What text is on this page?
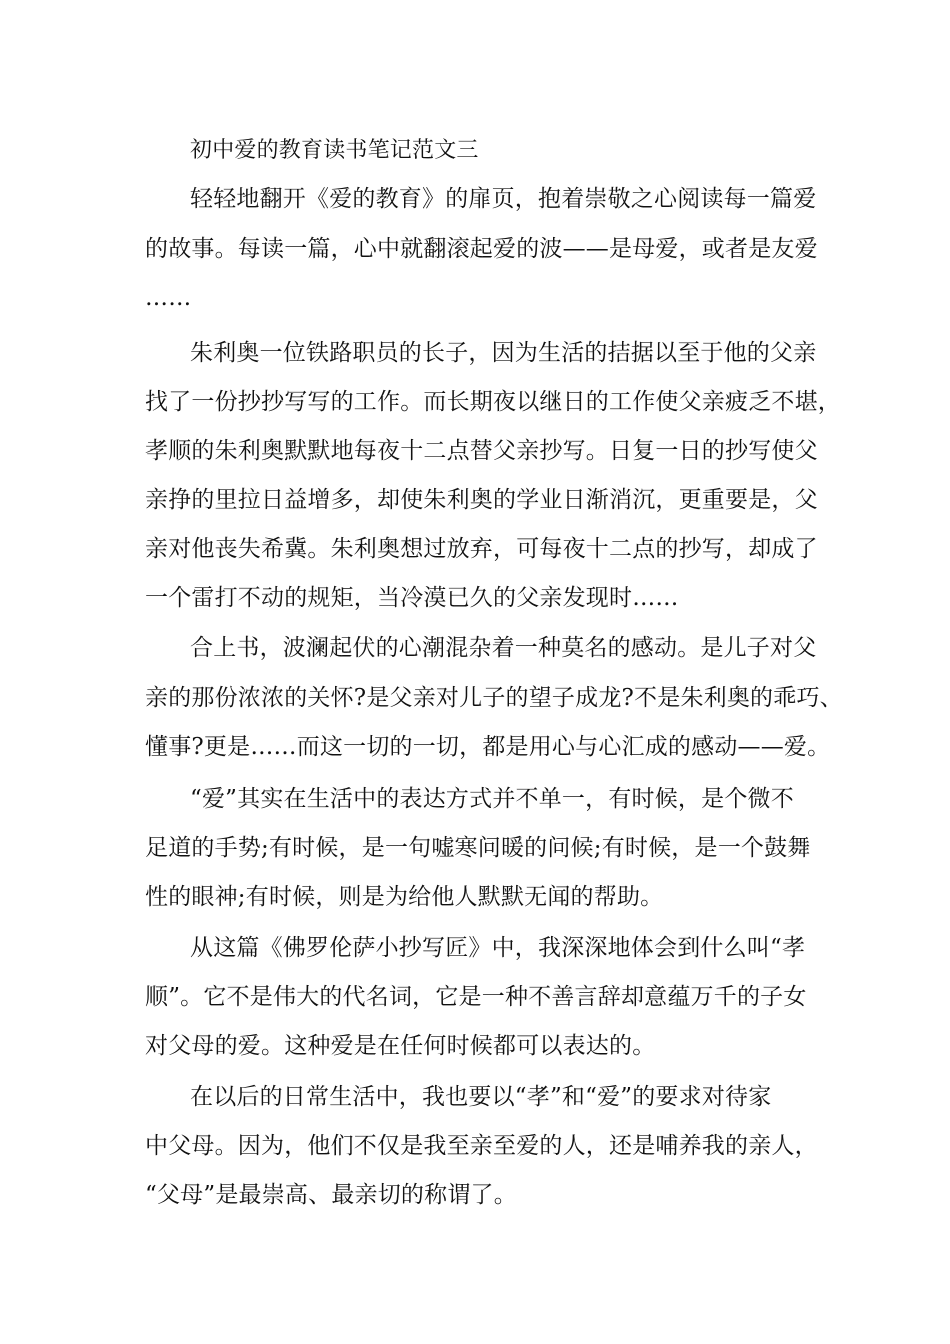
初中爱的教育读书笔记范文三
轻轻地翻开《爱的教育》的扉页，抱着崇敬之心阅读每一篇爱
的故事。每读一篇，心中就翻滚起爱的波——是母爱，或者是友爱
……
朱利奥一位铁路职员的长子，因为生活的拮据以至于他的父亲
找了一份抄抄写写的工作。而长期夜以继日的工作使父亲疲乏不堪，
孝顺的朱利奥默默地每夜十二点替父亲抄写。日复一日的抄写使父
亲挣的里拉日益增多，却使朱利奥的学业日渐消沉，更重要是，父
亲对他丧失希冀。朱利奥想过放弃，可每夜十二点的抄写，却成了
一个雷打不动的规矩，当冷漠已久的父亲发现时……
合上书，波澜起伏的心潮混杂着一种莫名的感动。是儿子对父
亲的那份浓浓的关怀?是父亲对儿子的望子成龙?不是朱利奥的乖巧、
懂事?更是……而这一切的一切，都是用心与心汇成的感动——爱。
“爱”其实在生活中的表达方式并不单一，有时候，是个微不
足道的手势;有时候，是一句嘘寒问暖的问候;有时候，是一个鼓舞
性的眼神;有时候，则是为给他人默默无闻的帮助。
从这篇《佛罗伦萨小抄写匠》中，我深深地体会到什么叫“孝
顺”。它不是伟大的代名词，它是一种不善言辞却意蕴万千的子女
对父母的爱。这种爱是在任何时候都可以表达的。
在以后的日常生活中，我也要以“孝”和“爱”的要求对待家
中父母。因为，他们不仅是我至亲至爱的人，还是哺养我的亲人，
“父母”是最崇高、最亲切的称谓了。
